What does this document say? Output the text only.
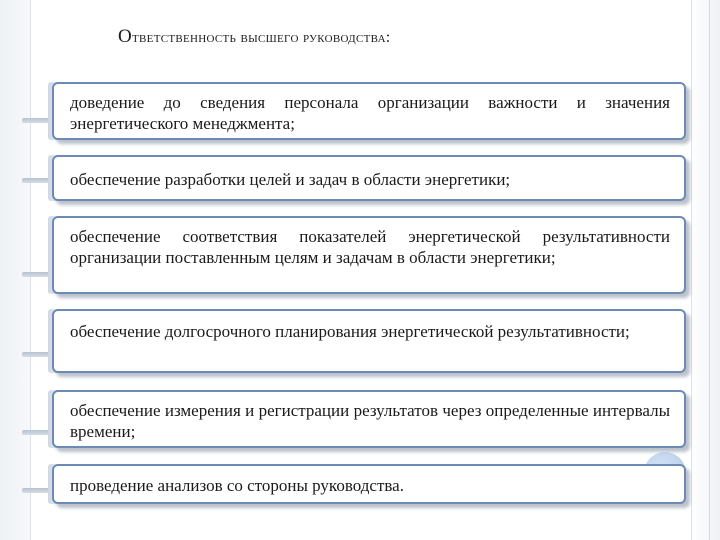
Ответственность высшего руководства:
доведение до сведения персонала организации важности и значения энергетического менеджмента;
обеспечение разработки целей и задач в области энергетики;
обеспечение соответствия показателей энергетической результативности организации поставленным целям и задачам в области энергетики;
обеспечение долгосрочного планирования энергетической результативности;
обеспечение измерения и регистрации результатов через определенные интервалы времени;
проведение анализов со стороны руководства.
